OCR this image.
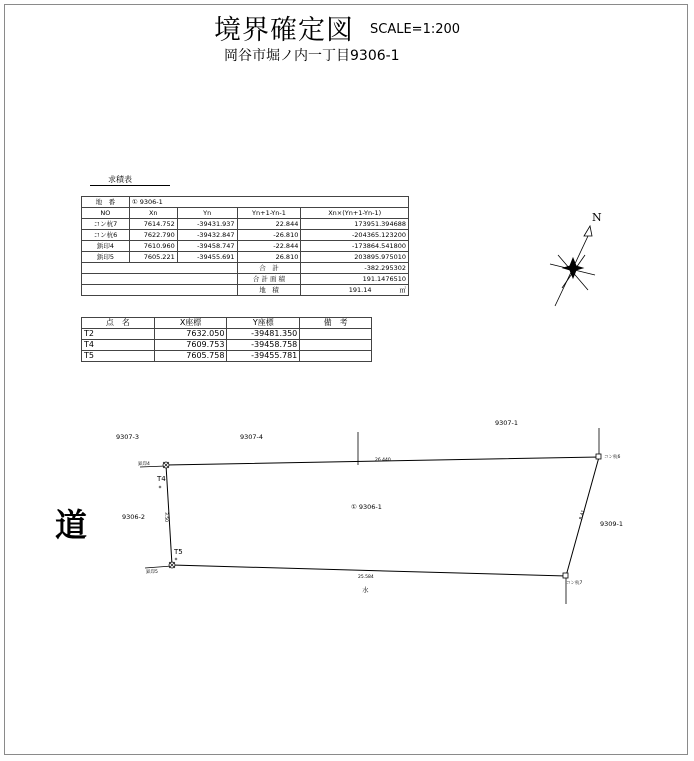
境界確定図 SCALE=1:200
岡谷市堀ノ内一丁目9306-1
求積表
地　番	① 9306-1			
NO	Xn	Yn	Yn+1-Yn-1	Xn×(Yn+1-Yn-1)
コン杭7	7614.752	-39431.937	22.844	173951.394688
コン杭6	7622.790	-39432.847	-26.810	-204365.123200
鋲印4	7610.960	-39458.747	-22.844	-173864.541800
鋲印5	7605.221	-39455.691	26.810	203895.975010
			合　計	-382.295302
			合 計 面 積	191.1476510
			地　積	191.14 ㎡
点　名	X座標	Y座標	備　考
T2	7632.050	-39481.350	
T4	7609.753	-39458.758	
T5	7605.758	-39455.781	
N
26.440
25.584
3.50	8.41
鋲印4
鋲印5
コン杭6
コン杭7
T4
T5
9307-3	9307-4
9307-1
9306-2
① 9306-1
9309-1
水
道
